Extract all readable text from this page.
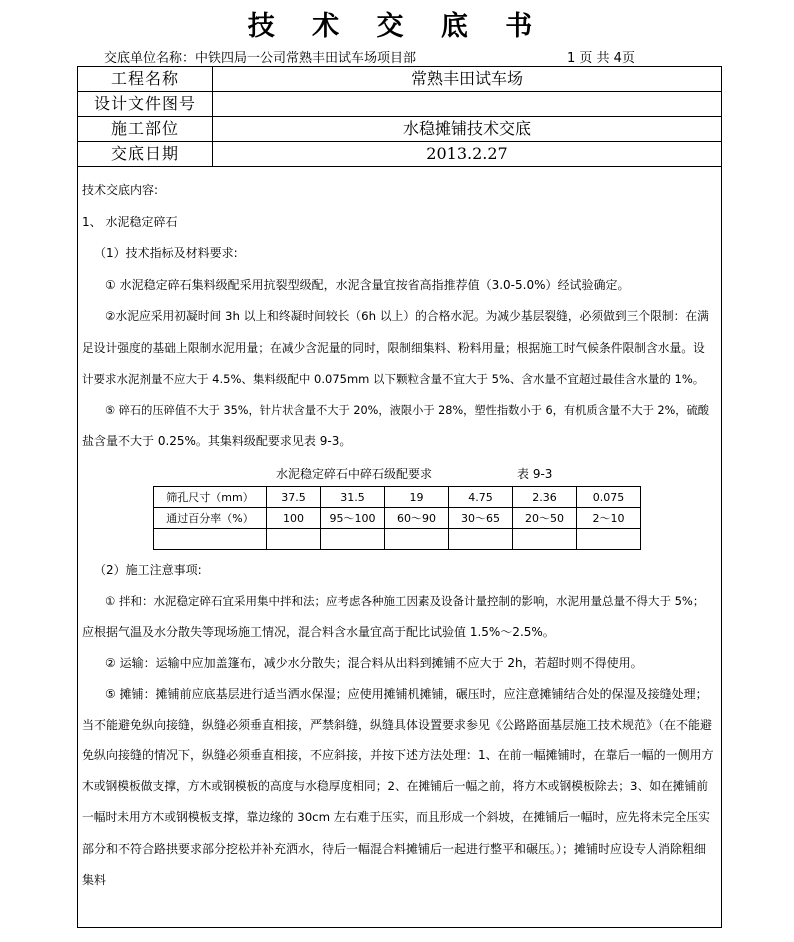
技 术 交 底 书
交底单位名称：中铁四局一公司常熟丰田试车场项目部	1 页 共 4页
工程名称	常熟丰田试车场
设计文件图号
施工部位	水稳摊铺技术交底
交底日期	2013.2.27
技术交底内容:
1、 水泥稳定碎石
（1）技术指标及材料要求:
① 水泥稳定碎石集料级配采用抗裂型级配，水泥含量宜按省高指推荐值（3.0-5.0%）经试验确定。
②水泥应采用初凝时间 3h 以上和终凝时间较长（6h 以上）的合格水泥。为减少基层裂缝，必须做到三个限制：在满
足设计强度的基础上限制水泥用量；在减少含泥量的同时，限制细集料、粉料用量；根据施工时气候条件限制含水量。设
计要求水泥剂量不应大于 4.5%、集料级配中 0.075mm 以下颗粒含量不宜大于 5%、含水量不宜超过最佳含水量的 1%。
⑤ 碎石的压碎值不大于 35%，针片状含量不大于 20%，液限小于 28%，塑性指数小于 6，有机质含量不大于 2%，硫酸
盐含量不大于 0.25%。其集料级配要求见表 9-3。
水泥稳定碎石中碎石级配要求	表 9-3
筛孔尺寸（mm）	37.5	31.5	19	4.75	2.36	0.075
通过百分率（%）	100	95～100	60～90	30～65	20～50	2～10

（2）施工注意事项:
① 拌和：水泥稳定碎石宜采用集中拌和法；应考虑各种施工因素及设备计量控制的影响，水泥用量总量不得大于 5%；
应根据气温及水分散失等现场施工情况，混合料含水量宜高于配比试验值 1.5%～2.5%。
② 运输：运输中应加盖篷布，减少水分散失；混合料从出料到摊铺不应大于 2h，若超时则不得使用。
⑤ 摊铺：摊铺前应底基层进行适当洒水保湿；应使用摊铺机摊铺，碾压时，应注意摊铺结合处的保湿及接缝处理；
当不能避免纵向接缝，纵缝必须垂直相接，严禁斜缝，纵缝具体设置要求参见《公路路面基层施工技术规范》（在不能避
免纵向接缝的情况下，纵缝必须垂直相接，不应斜接，并按下述方法处理：1、在前一幅摊铺时，在靠后一幅的一侧用方
木或钢模板做支撑，方木或钢模板的高度与水稳厚度相同；2、在摊铺后一幅之前，将方木或钢模板除去；3、如在摊铺前
一幅时未用方木或钢模板支撑，靠边缘的 30cm 左右难于压实，而且形成一个斜坡，在摊铺后一幅时，应先将未完全压实
部分和不符合路拱要求部分挖松并补充洒水，待后一幅混合料摊铺后一起进行整平和碾压。）；摊铺时应设专人消除粗细
集料
